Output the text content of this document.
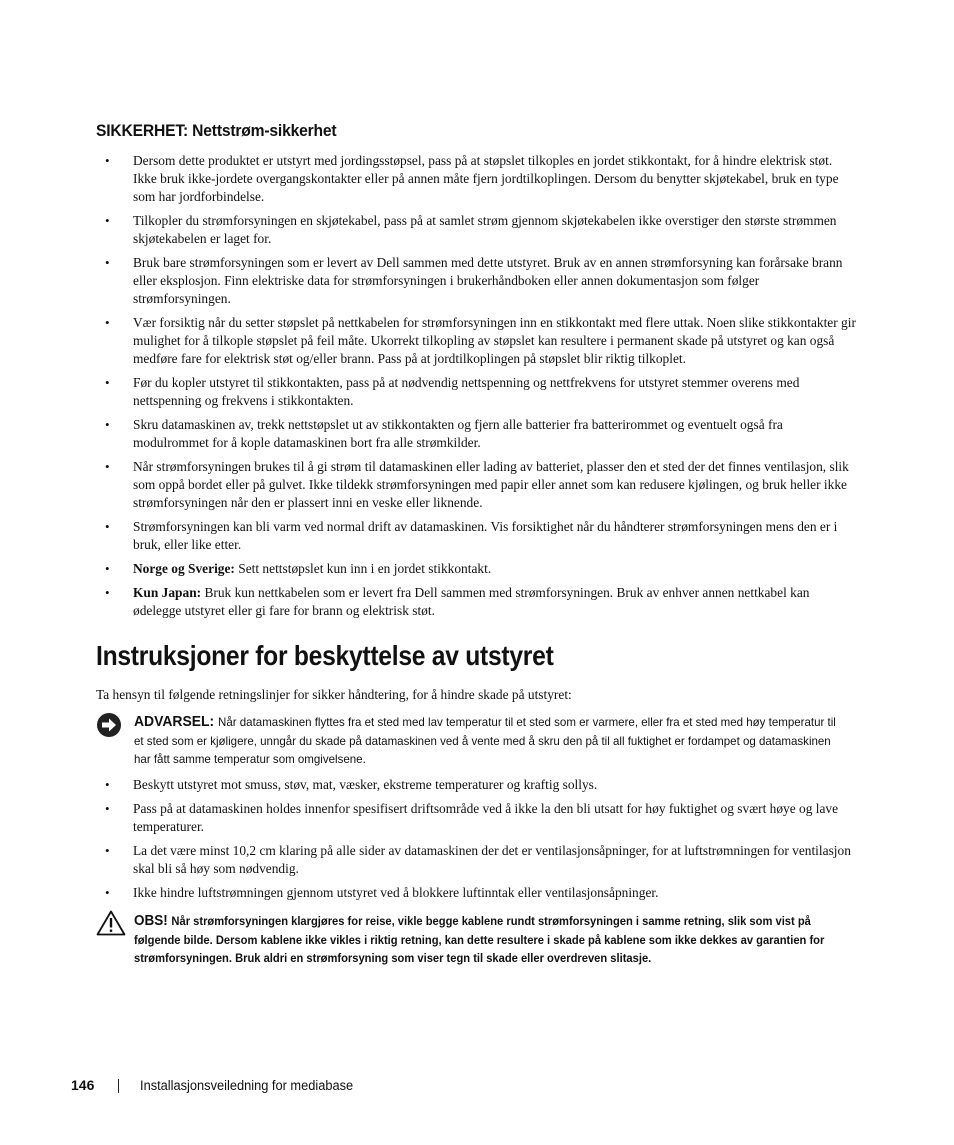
SIKKERHET: Nettstrøm-sikkerhet
• Dersom dette produktet er utstyrt med jordingsstøpsel, pass på at støpslet tilkoples en jordet stikkontakt, for å hindre elektrisk støt. Ikke bruk ikke-jordete overgangskontakter eller på annen måte fjern jordtilkoplingen. Dersom du benytter skjøtekabel, bruk en type som har jordforbindelse.
• Tilkopler du strømforsyningen en skjøtekabel, pass på at samlet strøm gjennom skjøtekabelen ikke overstiger den største strømmen skjøtekabelen er laget for.
• Bruk bare strømforsyningen som er levert av Dell sammen med dette utstyret. Bruk av en annen strømforsyning kan forårsake brann eller eksplosjon. Finn elektriske data for strømforsyningen i brukerhåndboken eller annen dokumentasjon som følger strømforsyningen.
• Vær forsiktig når du setter støpslet på nettkabelen for strømforsyningen inn en stikkontakt med flere uttak. Noen slike stikkontakter gir mulighet for å tilkople støpslet på feil måte. Ukorrekt tilkopling av støpslet kan resultere i permanent skade på utstyret og kan også medføre fare for elektrisk støt og/eller brann. Pass på at jordtilkoplingen på støpslet blir riktig tilkoplet.
• Før du kopler utstyret til stikkontakten, pass på at nødvendig nettspenning og nettfrekvens for utstyret stemmer overens med nettspenning og frekvens i stikkontakten.
• Skru datamaskinen av, trekk nettstøpslet ut av stikkontakten og fjern alle batterier fra batterirommet og eventuelt også fra modulrommet for å kople datamaskinen bort fra alle strømkilder.
• Når strømforsyningen brukes til å gi strøm til datamaskinen eller lading av batteriet, plasser den et sted der det finnes ventilasjon, slik som oppå bordet eller på gulvet. Ikke tildekk strømforsyningen med papir eller annet som kan redusere kjølingen, og bruk heller ikke strømforsyningen når den er plassert inni en veske eller liknende.
• Strømforsyningen kan bli varm ved normal drift av datamaskinen. Vis forsiktighet når du håndterer strømforsyningen mens den er i bruk, eller like etter.
• Norge og Sverige: Sett nettstøpslet kun inn i en jordet stikkontakt.
• Kun Japan: Bruk kun nettkabelen som er levert fra Dell sammen med strømforsyningen. Bruk av enhver annen nettkabel kan ødelegge utstyret eller gi fare for brann og elektrisk støt.
Instruksjoner for beskyttelse av utstyret
Ta hensyn til følgende retningslinjer for sikker håndtering, for å hindre skade på utstyret:
ADVARSEL: Når datamaskinen flyttes fra et sted med lav temperatur til et sted som er varmere, eller fra et sted med høy temperatur til et sted som er kjøligere, unngår du skade på datamaskinen ved å vente med å skru den på til all fuktighet er fordampet og datamaskinen har fått samme temperatur som omgivelsene.
• Beskytt utstyret mot smuss, støv, mat, væsker, ekstreme temperaturer og kraftig sollys.
• Pass på at datamaskinen holdes innenfor spesifisert driftsområde ved å ikke la den bli utsatt for høy fuktighet og svært høye og lave temperaturer.
• La det være minst 10,2 cm klaring på alle sider av datamaskinen der det er ventilasjonsåpninger, for at luftstrømningen for ventilasjon skal bli så høy som nødvendig.
• Ikke hindre luftstrømningen gjennom utstyret ved å blokkere luftinntak eller ventilasjonsåpninger.
OBS! Når strømforsyningen klargjøres for reise, vikle begge kablene rundt strømforsyningen i samme retning, slik som vist på følgende bilde. Dersom kablene ikke vikles i riktig retning, kan dette resultere i skade på kablene som ikke dekkes av garantien for strømforsyningen. Bruk aldri en strømforsyning som viser tegn til skade eller overdreven slitasje.
146	Installasjonsveiledning for mediabase
